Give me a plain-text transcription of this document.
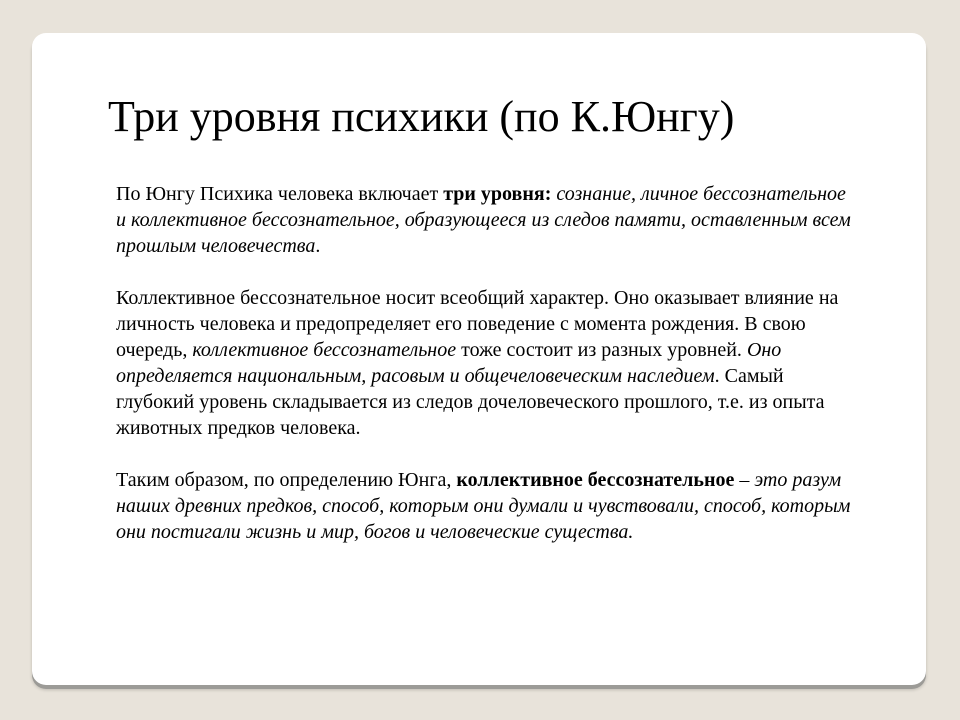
Три уровня психики (по К.Юнгу)

По Юнгу Психика человека включает три уровня: сознание, личное бессознательное и коллективное бессознательное, образующееся из следов памяти, оставленным всем прошлым человечества.

Коллективное бессознательное носит всеобщий характер. Оно оказывает влияние на личность человека и предопределяет его поведение с момента рождения. В свою очередь, коллективное бессознательное тоже состоит из разных уровней. Оно определяется национальным, расовым и общечеловеческим наследием. Самый глубокий уровень складывается из следов дочеловеческого прошлого, т.е. из опыта животных предков человека.

Таким образом, по определению Юнга, коллективное бессознательное – это разум наших древних предков, способ, которым они думали и чувствовали, способ, которым они постигали жизнь и мир, богов и человеческие существа.
